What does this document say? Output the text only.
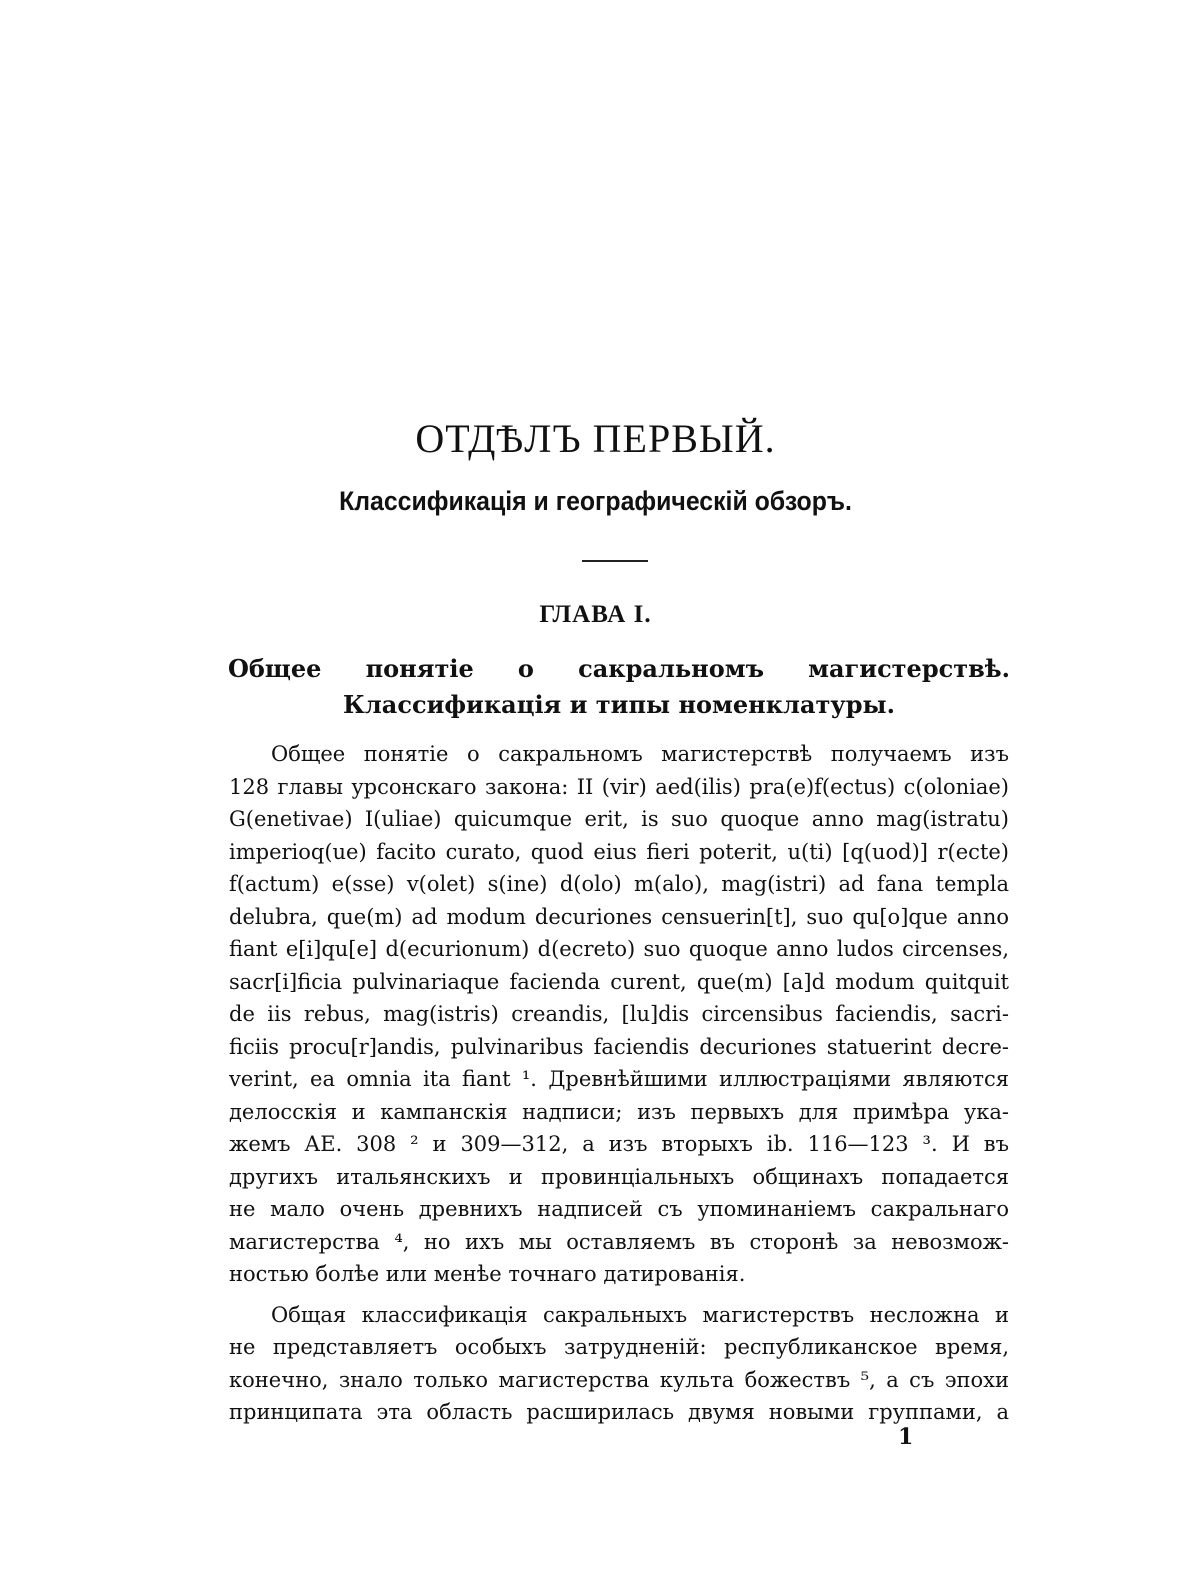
ОТДѢЛЪ ПЕРВЫЙ.
Классификація и географическій обзоръ.
ГЛАВА I.
Общее понятіе о сакральномъ магистерствѣ. Классификація и типы номенклатуры.
Общее понятіе о сакральномъ магистерствѣ получаемъ изъ
128 главы урсонскаго закона: II (vir) aed(ilis) pra(e)f(ectus) c(oloniae)
G(enetivae) I(uliae) quicumque erit, is suo quoque anno mag(istratu)
imperioq(ue) facito curato, quod eius fieri poterit, u(ti) [q(uod)] r(ecte)
f(actum) e(sse) v(olet) s(ine) d(olo) m(alo), mag(istri) ad fana templa
delubra, que(m) ad modum decuriones censuerin[t], suo qu[o]que anno
fiant e[i]qu[e] d(ecurionum) d(ecreto) suo quoque anno ludos circenses,
sacr[i]ficia pulvinariaque facienda curent, que(m) [a]d modum quitquit
de iis rebus, mag(istris) creandis, [lu]dis circensibus faciendis, sacri-
ficiis procu[r]andis, pulvinaribus faciendis decuriones statuerint decre-
verint, ea omnia ita fiant ¹. Древнѣйшими иллюстраціями являются
делосскія и кампанскія надписи; изъ первыхъ для примѣра ука-
жемъ АЕ. 308 ² и 309—312, а изъ вторыхъ ib. 116—123 ³. И въ
другихъ итальянскихъ и провинціальныхъ общинахъ попадается
не мало очень древнихъ надписей съ упоминаніемъ сакральнаго
магистерства ⁴, но ихъ мы оставляемъ въ сторонѣ за невозмож-
ностью болѣе или менѣе точнаго датированія.
Общая классификація сакральныхъ магистерствъ несложна и
не представляетъ особыхъ затрудненій: республиканское время,
конечно, знало только магистерства культа божествъ ⁵, а съ эпохи
принципата эта область расширилась двумя новыми группами, а

1
